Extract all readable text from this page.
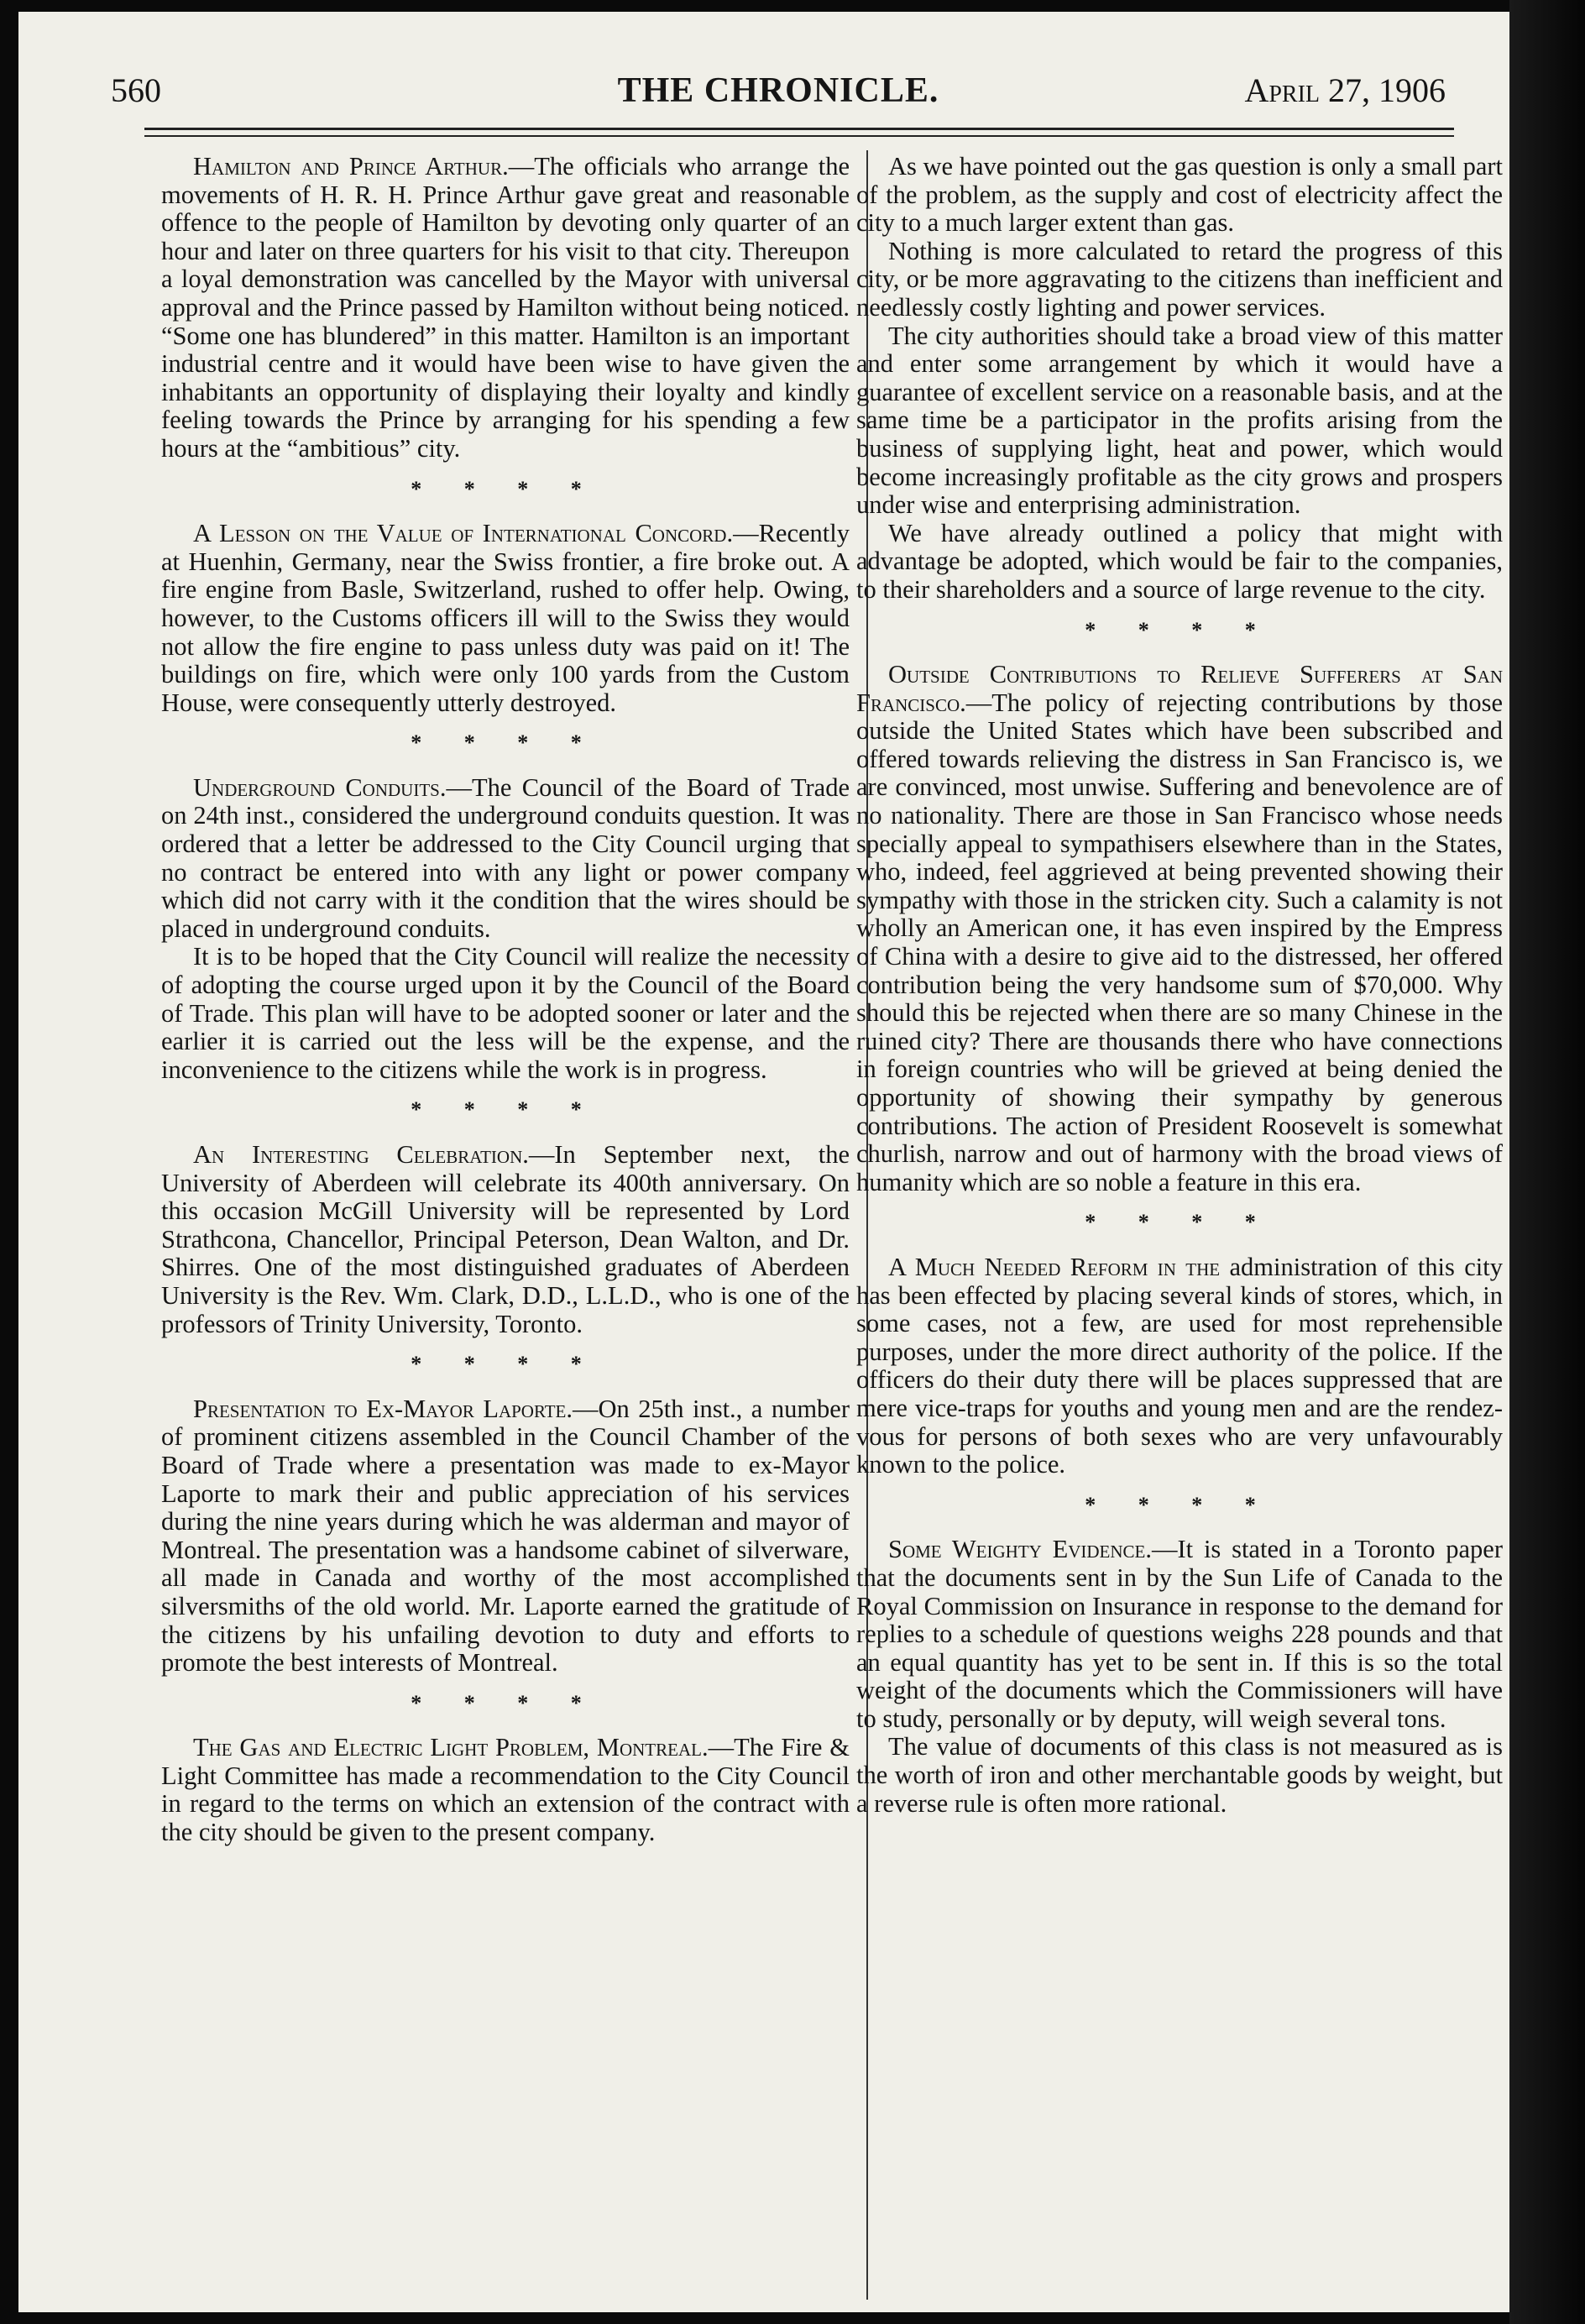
560	THE CHRONICLE.	April 27, 1906

Hamilton and Prince Arthur.—The officials who arrange the movements of H. R. H. Prince Arthur gave great and reasonable offence to the people of Hamilton by devoting only quarter of an hour and later on three quarters for his visit to that city. Thereupon a loyal demonstration was cancelled by the Mayor with universal approval and the Prince passed by Hamilton without being noticed. “Some one has blundered” in this matter. Hamilton is an important industrial centre and it would have been wise to have given the inhabitants an opportunity of displaying their loyalty and kindly feeling towards the Prince by arranging for his spending a few hours at the “ambitious” city.

* * * *

A Lesson on the Value of International Concord.—Recently at Huenhin, Germany, near the Swiss frontier, a fire broke out. A fire engine from Basle, Switzerland, rushed to offer help. Owing, however, to the Customs officers ill will to the Swiss they would not allow the fire engine to pass unless duty was paid on it! The buildings on fire, which were only 100 yards from the Custom House, were consequently utterly destroyed.

* * * *

Underground Conduits.—The Council of the Board of Trade on 24th inst., considered the underground conduits question. It was ordered that a letter be addressed to the City Council urging that no contract be entered into with any light or power company which did not carry with it the condition that the wires should be placed in underground conduits.

It is to be hoped that the City Council will realize the necessity of adopting the course urged upon it by the Council of the Board of Trade. This plan will have to be adopted sooner or later and the earlier it is carried out the less will be the expense, and the inconvenience to the citizens while the work is in progress.

* * * *

An Interesting Celebration.—In September next, the University of Aberdeen will celebrate its 400th anniversary. On this occasion McGill University will be represented by Lord Strathcona, Chancellor, Principal Peterson, Dean Walton, and Dr. Shirres. One of the most distinguished graduates of Aberdeen University is the Rev. Wm. Clark, D.D., L.L.D., who is one of the professors of Trinity University, Toronto.

* * * *

Presentation to Ex-Mayor Laporte.—On 25th inst., a number of prominent citizens assembled in the Council Chamber of the Board of Trade where a presentation was made to ex-Mayor Laporte to mark their and public appreciation of his services during the nine years during which he was alderman and mayor of Montreal. The presentation was a handsome cabinet of silverware, all made in Canada and worthy of the most accomplished silversmiths of the old world. Mr. Laporte earned the gratitude of the citizens by his unfailing devotion to duty and efforts to promote the best interests of Montreal.

* * * *

The Gas and Electric Light Problem, Montreal.—The Fire & Light Committee has made a recommendation to the City Council in regard to the terms on which an extension of the contract with the city should be given to the present company.

As we have pointed out the gas question is only a small part of the problem, as the supply and cost of electricity affect the city to a much larger extent than gas.

Nothing is more calculated to retard the progress of this city, or be more aggravating to the citizens than inefficient and needlessly costly lighting and power services.

The city authorities should take a broad view of this matter and enter some arrangement by which it would have a guarantee of excellent service on a reasonable basis, and at the same time be a participator in the profits arising from the business of supplying light, heat and power, which would become increasingly profitable as the city grows and prospers under wise and enterprising administration.

We have already outlined a policy that might with advantage be adopted, which would be fair to the companies, to their shareholders and a source of large revenue to the city.

* * * *

Outside Contributions to Relieve Sufferers at San Francisco.—The policy of rejecting contributions by those outside the United States which have been subscribed and offered towards relieving the distress in San Francisco is, we are convinced, most unwise. Suffering and benevolence are of no nationality. There are those in San Francisco whose needs specially appeal to sympathisers elsewhere than in the States, who, indeed, feel aggrieved at being prevented showing their sympathy with those in the stricken city. Such a calamity is not wholly an American one, it has even inspired by the Empress of China with a desire to give aid to the distressed, her offered contribution being the very handsome sum of $70,000. Why should this be rejected when there are so many Chinese in the ruined city? There are thousands there who have connections in foreign countries who will be grieved at being denied the opportunity of showing their sympathy by generous contributions. The action of President Roosevelt is somewhat churlish, narrow and out of harmony with the broad views of humanity which are so noble a feature in this era.

* * * *

A Much Needed Reform in the administration of this city has been effected by placing several kinds of stores, which, in some cases, not a few, are used for most reprehensible purposes, under the more direct authority of the police. If the officers do their duty there will be places suppressed that are mere vice-traps for youths and young men and are the rendez-vous for persons of both sexes who are very unfavourably known to the police.

* * * *

Some Weighty Evidence.—It is stated in a Toronto paper that the documents sent in by the Sun Life of Canada to the Royal Commission on Insurance in response to the demand for replies to a schedule of questions weighs 228 pounds and that an equal quantity has yet to be sent in. If this is so the total weight of the documents which the Commissioners will have to study, personally or by deputy, will weigh several tons.

The value of documents of this class is not measured as is the worth of iron and other merchantable goods by weight, but a reverse rule is often more rational.
